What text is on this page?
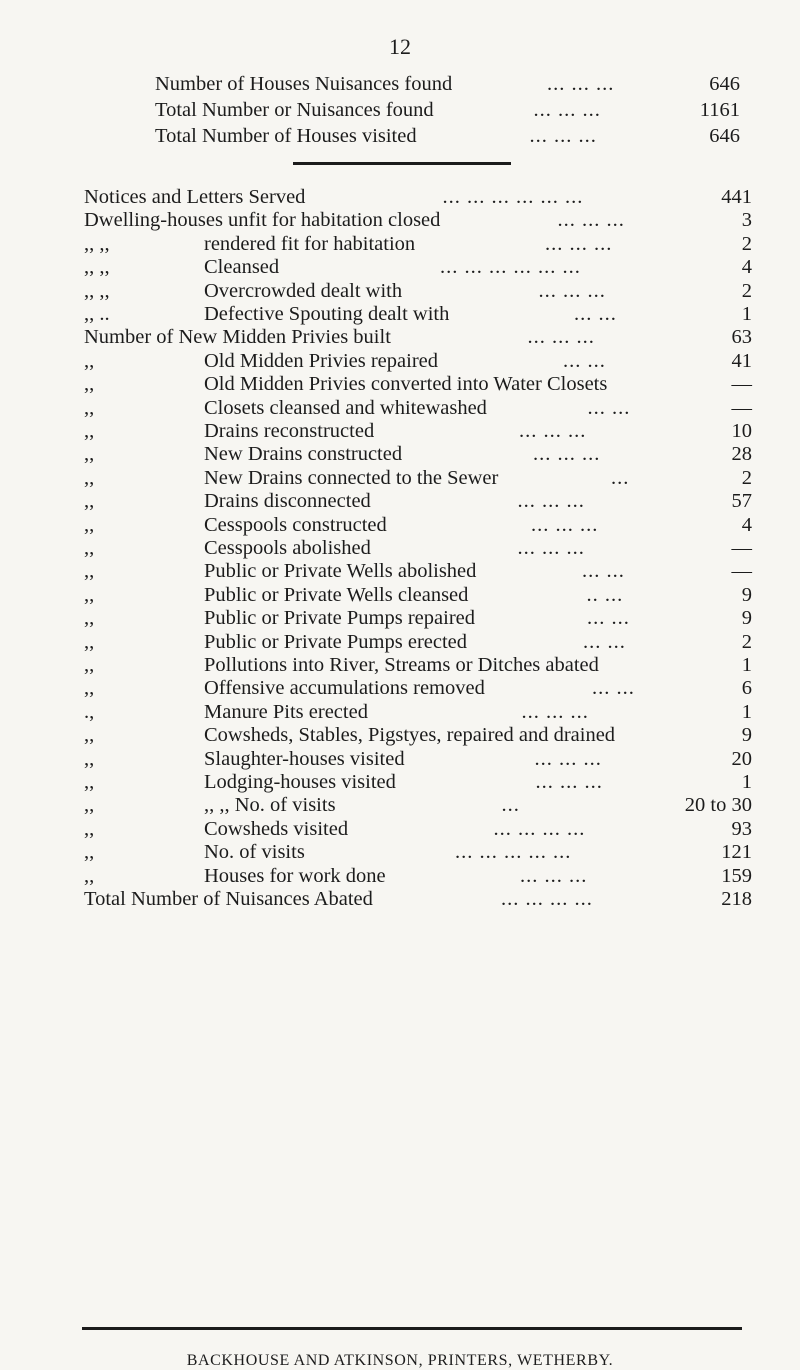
12
Number of Houses Nuisances found	... ... ...	646
Total Number or Nuisances found	... ... ...	1161
Total Number of Houses visited	... ... ...	646
Notices and Letters Served	... ... ... ... ... ...	441
Dwelling-houses unfit for habitation closed	... ... ...	3
,, ,,	rendered fit for habitation	... ... ...	2
,, ,,	Cleansed	... ... ... ... ... ...	4
,, ,,	Overcrowded dealt with	... ... ...	2
,, ..	Defective Spouting dealt with	... ...	1
Number of New Midden Privies built	... ... ...	63
,,	Old Midden Privies repaired	... ...	41
,,	Old Midden Privies converted into Water Closets	—
,,	Closets cleansed and whitewashed	... ...	—
,,	Drains reconstructed	... ... ...	10
,,	New Drains constructed	... ... ...	28
,,	New Drains connected to the Sewer	...	2
,,	Drains disconnected	... ... ...	57
,,	Cesspools constructed	... ... ...	4
,,	Cesspools abolished	... ... ...	—
,,	Public or Private Wells abolished	... ...	—
,,	Public or Private Wells cleansed	.. ...	9
,,	Public or Private Pumps repaired	... ...	9
,,	Public or Private Pumps erected	... ...	2
,,	Pollutions into River, Streams or Ditches abated	1
,,	Offensive accumulations removed	... ...	6
.,	Manure Pits erected	... ... ...	1
,,	Cowsheds, Stables, Pigstyes, repaired and drained	9
,,	Slaughter-houses visited	... ... ...	20
,,	Lodging-houses visited	... ... ...	1
,,	,, ,, No. of visits	...	20 to 30
,,	Cowsheds visited	... ... ... ...	93
,,	No. of visits	... ... ... ... ...	121
,,	Houses for work done	... ... ...	159
Total Number of Nuisances Abated	... ... ... ...	218
BACKHOUSE AND ATKINSON, PRINTERS, WETHERBY.
